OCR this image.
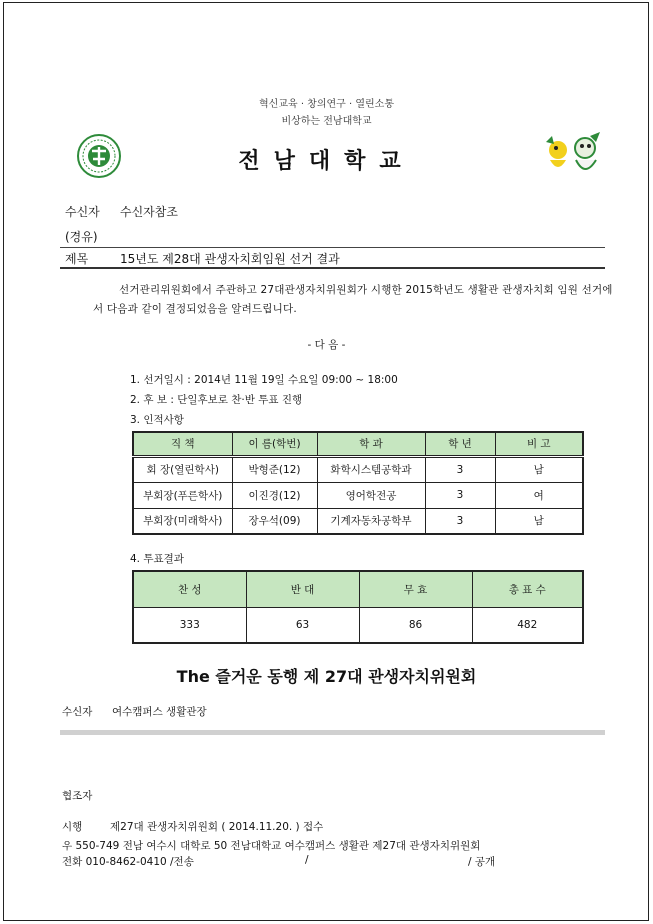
혁신교육 · 창의연구 · 열린소통
비상하는 전남대학교
전남대학교
수신자 수신자참조
(경유)
제목	15년도 제28대 관생자치회임원 선거 결과
선거관리위원회에서 주관하고 27대관생자치위원회가 시행한 2015학년도 생활관 관생자치회 임원 선거에서 다음과 같이 결정되었음을 알려드립니다.
- 다 음 -
1. 선거일시 : 2014년 11월 19일 수요일 09:00 ~ 18:00
2. 후 보 : 단일후보로 찬·반 투표 진행
3. 인적사항
직 책	이 름(학번)	학 과	학 년	비 고
회 장(열린학사)	박형준(12)	화학시스템공학과	3	남
부회장(푸른학사)	이진경(12)	영어학전공	3	여
부회장(미래학사)	장우석(09)	기계자동차공학부	3	남
4. 투표결과
찬 성	반 대	무 효	총 표 수
333	63	86	482
The 즐거운 동행 제 27대 관생자치위원회
수신자 여수캠퍼스 생활관장
협조자
시행	제27대 관생자치위원회 ( 2014.11.20. ) 접수
우 550-749 전남 여수시 대학로 50 전남대학교 여수캠퍼스 생활관 제27대 관생자치위원회
전화 010-8462-0410 /전송	/	/ 공개
